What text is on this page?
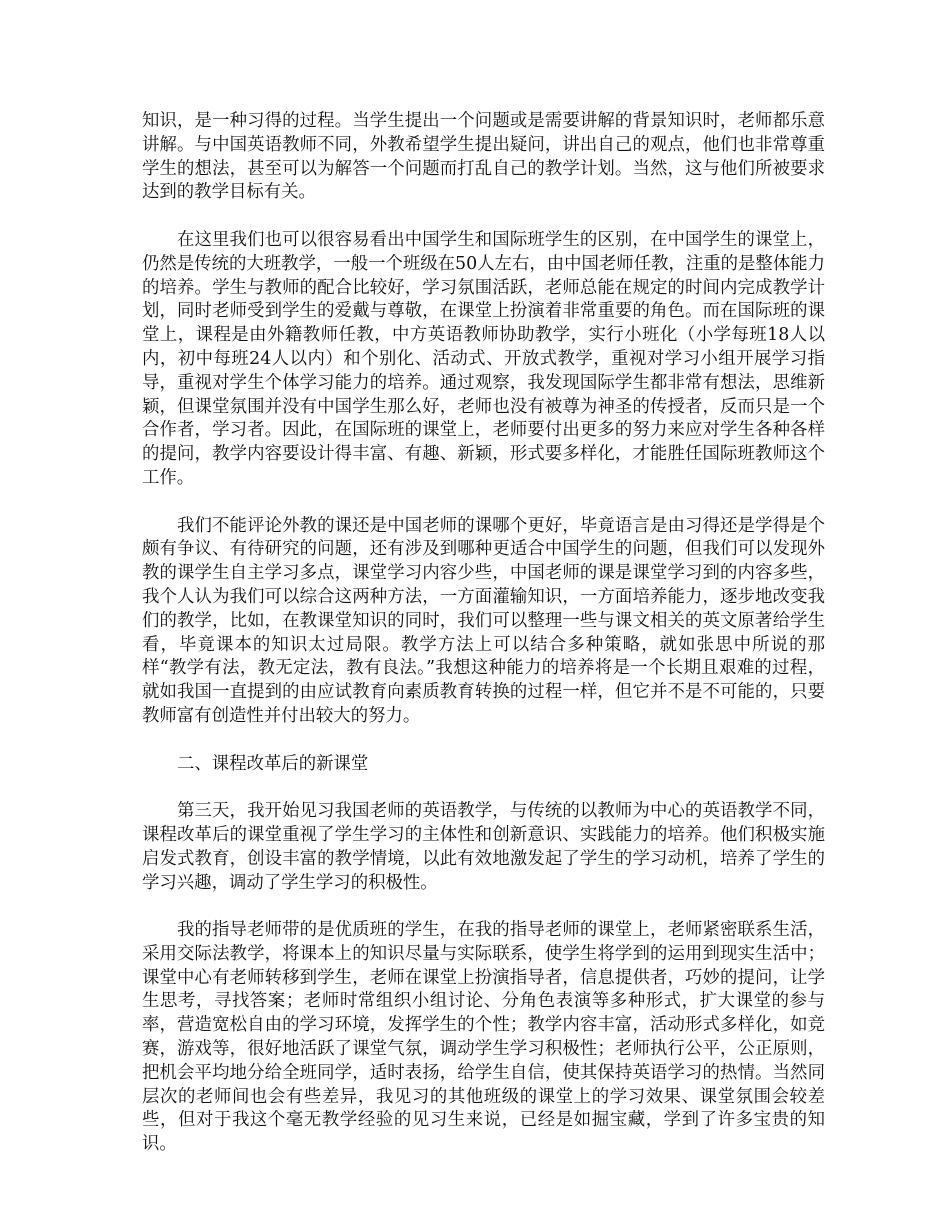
知识，是一种习得的过程。当学生提出一个问题或是需要讲解的背景知识时，老师都乐意讲解。与中国英语教师不同，外教希望学生提出疑问，讲出自己的观点，他们也非常尊重学生的想法，甚至可以为解答一个问题而打乱自己的教学计划。当然，这与他们所被要求达到的教学目标有关。

在这里我们也可以很容易看出中国学生和国际班学生的区别，在中国学生的课堂上，仍然是传统的大班教学，一般一个班级在50人左右，由中国老师任教，注重的是整体能力的培养。学生与教师的配合比较好，学习氛围活跃，老师总能在规定的时间内完成教学计划，同时老师受到学生的爱戴与尊敬，在课堂上扮演着非常重要的角色。而在国际班的课堂上，课程是由外籍教师任教，中方英语教师协助教学，实行小班化（小学每班18人以内，初中每班24人以内）和个别化、活动式、开放式教学，重视对学习小组开展学习指导，重视对学生个体学习能力的培养。通过观察，我发现国际学生都非常有想法，思维新颖，但课堂氛围并没有中国学生那么好，老师也没有被尊为神圣的传授者，反而只是一个合作者，学习者。因此，在国际班的课堂上，老师要付出更多的努力来应对学生各种各样的提问，教学内容要设计得丰富、有趣、新颖，形式要多样化，才能胜任国际班教师这个工作。

我们不能评论外教的课还是中国老师的课哪个更好，毕竟语言是由习得还是学得是个颇有争议、有待研究的问题，还有涉及到哪种更适合中国学生的问题，但我们可以发现外教的课学生自主学习多点，课堂学习内容少些，中国老师的课是课堂学习到的内容多些，我个人认为我们可以综合这两种方法，一方面灌输知识，一方面培养能力，逐步地改变我们的教学，比如，在教课堂知识的同时，我们可以整理一些与课文相关的英文原著给学生看，毕竟课本的知识太过局限。教学方法上可以结合多种策略，就如张思中所说的那样“教学有法，教无定法，教有良法。”我想这种能力的培养将是一个长期且艰难的过程，就如我国一直提到的由应试教育向素质教育转换的过程一样，但它并不是不可能的，只要教师富有创造性并付出较大的努力。

二、课程改革后的新课堂

第三天，我开始见习我国老师的英语教学，与传统的以教师为中心的英语教学不同，课程改革后的课堂重视了学生学习的主体性和创新意识、实践能力的培养。他们积极实施启发式教育，创设丰富的教学情境，以此有效地激发起了学生的学习动机，培养了学生的学习兴趣，调动了学生学习的积极性。

我的指导老师带的是优质班的学生，在我的指导老师的课堂上，老师紧密联系生活，采用交际法教学，将课本上的知识尽量与实际联系，使学生将学到的运用到现实生活中；课堂中心有老师转移到学生，老师在课堂上扮演指导者，信息提供者，巧妙的提问，让学生思考，寻找答案；老师时常组织小组讨论、分角色表演等多种形式，扩大课堂的参与率，营造宽松自由的学习环境，发挥学生的个性；教学内容丰富，活动形式多样化，如竞赛，游戏等，很好地活跃了课堂气氛，调动学生学习积极性；老师执行公平，公正原则，把机会平均地分给全班同学，适时表扬，给学生自信，使其保持英语学习的热情。当然同层次的老师间也会有些差异，我见习的其他班级的课堂上的学习效果、课堂氛围会较差些，但对于我这个毫无教学经验的见习生来说，已经是如掘宝藏，学到了许多宝贵的知识。
